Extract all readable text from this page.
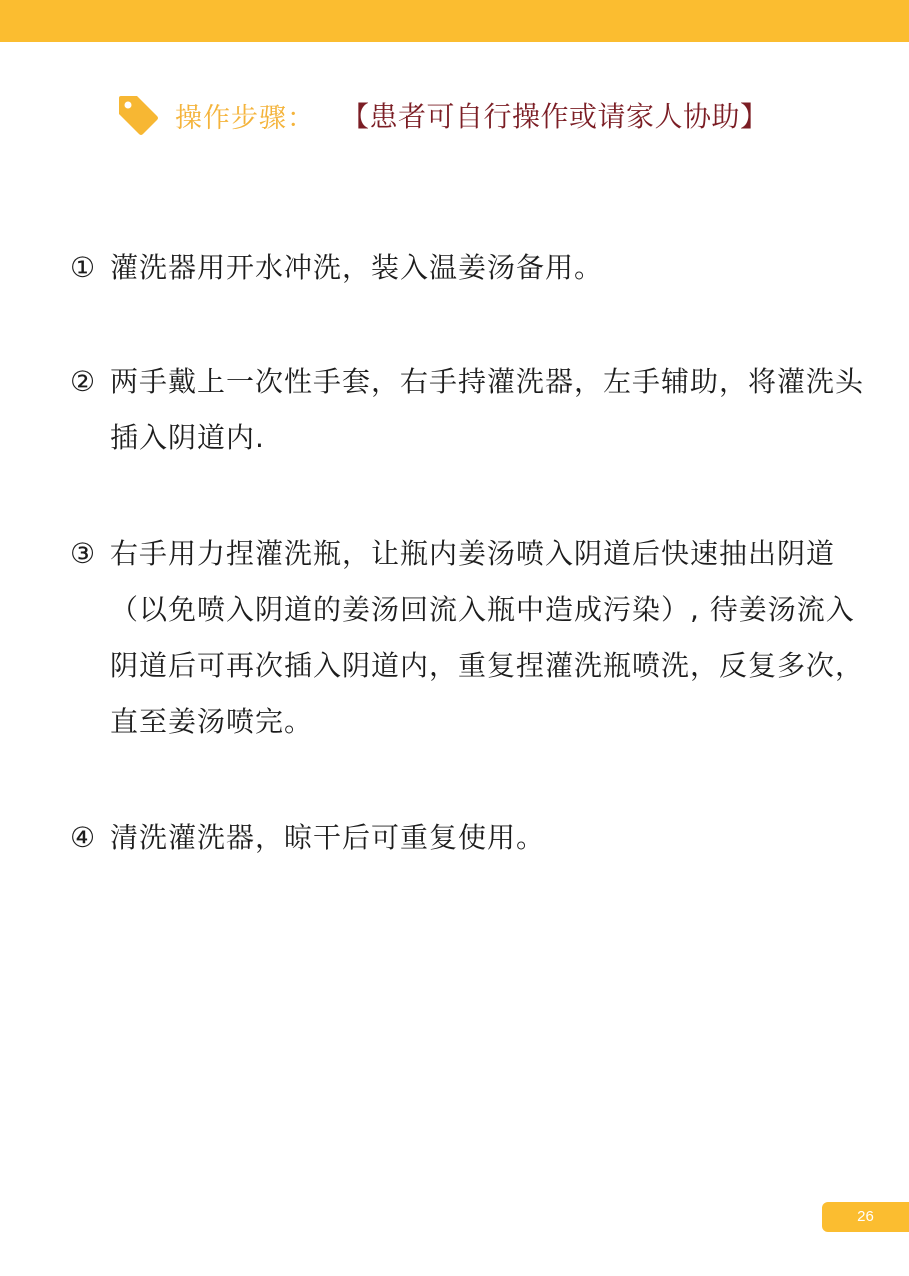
操作步骤： 【患者可自行操作或请家人协助】
① 灌洗器用开水冲洗，装入温姜汤备用。
② 两手戴上一次性手套，右手持灌洗器，左手辅助，将灌洗头插入阴道内.
③ 右手用力捏灌洗瓶，让瓶内姜汤喷入阴道后快速抽出阴道（以免喷入阴道的姜汤回流入瓶中造成污染）, 待姜汤流入阴道后可再次插入阴道内，重复捏灌洗瓶喷洗，反复多次，直至姜汤喷完。
④ 清洗灌洗器，晾干后可重复使用。
26
